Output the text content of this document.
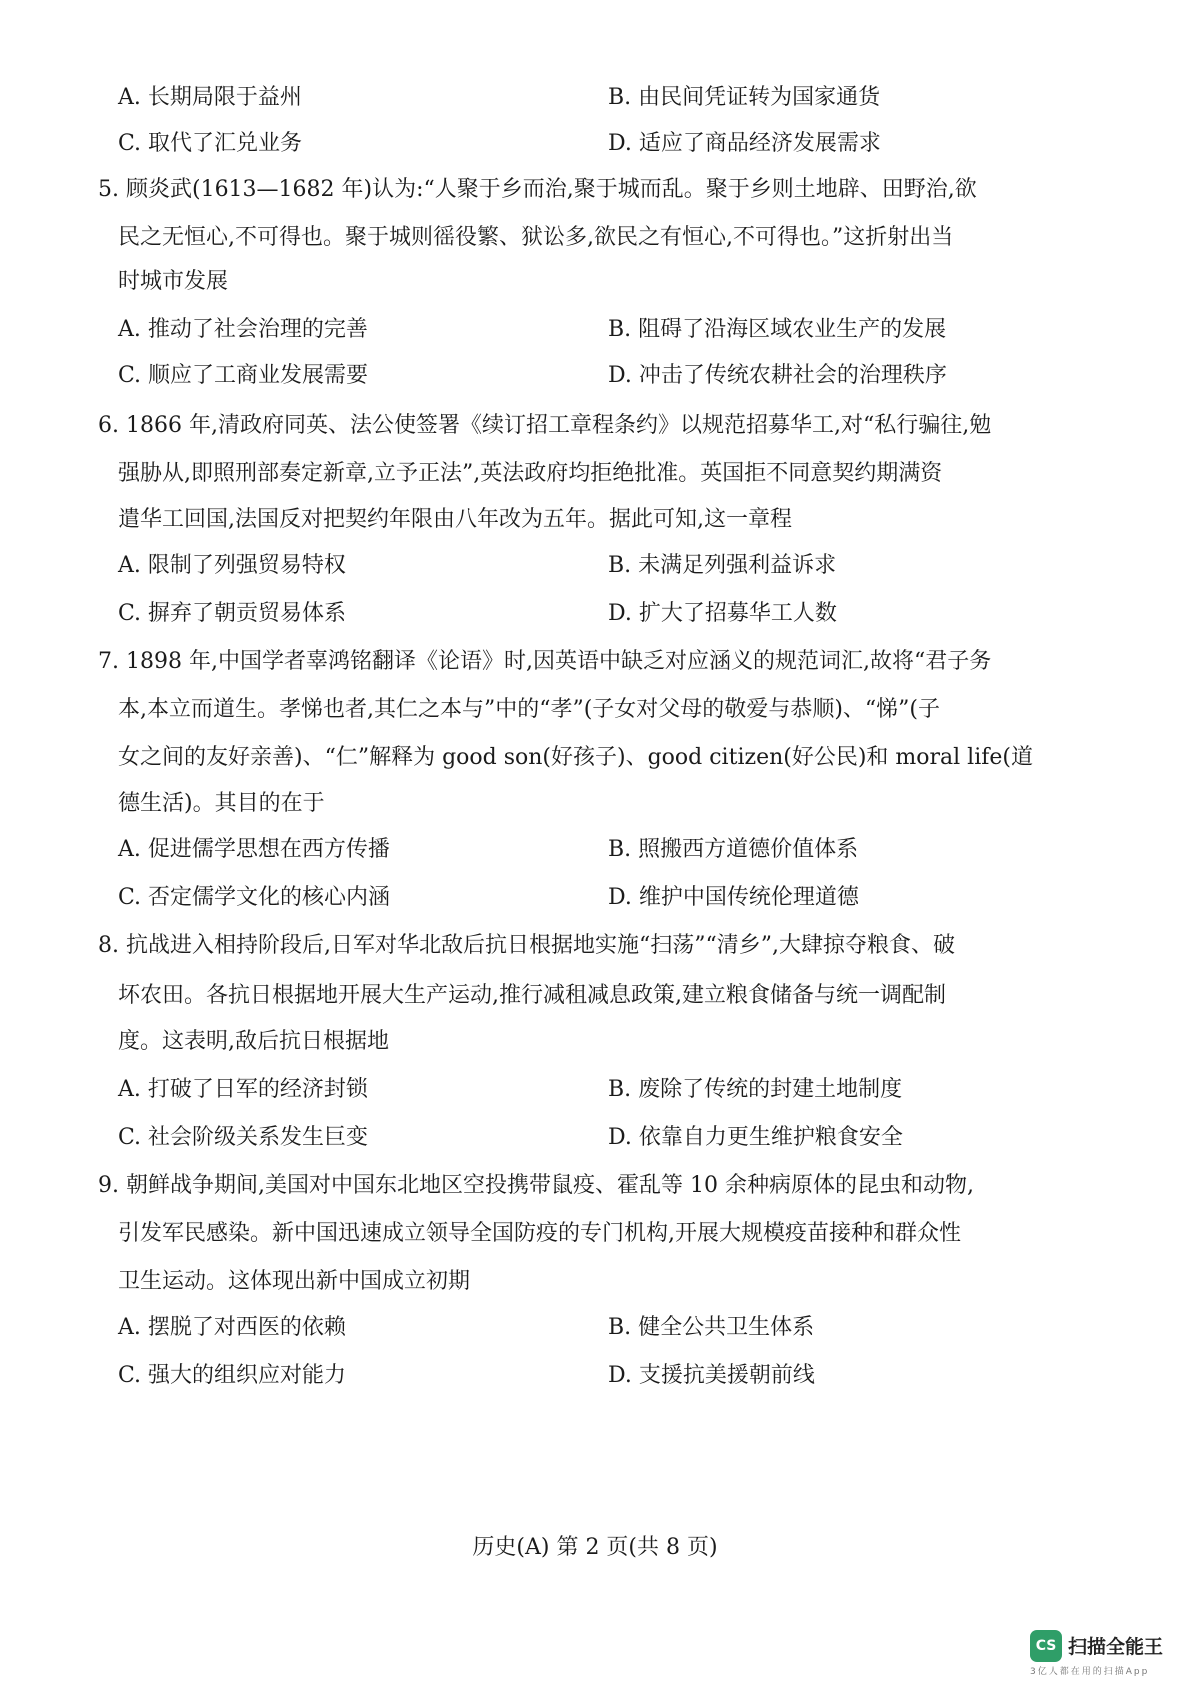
A. 长期局限于益州	B. 由民间凭证转为国家通货
C. 取代了汇兑业务	D. 适应了商品经济发展需求
5. 顾炎武(1613—1682 年)认为:“人聚于乡而治,聚于城而乱。聚于乡则土地辟、田野治,欲
民之无恒心,不可得也。聚于城则徭役繁、狱讼多,欲民之有恒心,不可得也。”这折射出当
时城市发展
A. 推动了社会治理的完善	B. 阻碍了沿海区域农业生产的发展
C. 顺应了工商业发展需要	D. 冲击了传统农耕社会的治理秩序
6. 1866 年,清政府同英、法公使签署《续订招工章程条约》以规范招募华工,对“私行骗往,勉
强胁从,即照刑部奏定新章,立予正法”,英法政府均拒绝批准。英国拒不同意契约期满资
遣华工回国,法国反对把契约年限由八年改为五年。据此可知,这一章程
A. 限制了列强贸易特权	B. 未满足列强利益诉求
C. 摒弃了朝贡贸易体系	D. 扩大了招募华工人数
7. 1898 年,中国学者辜鸿铭翻译《论语》时,因英语中缺乏对应涵义的规范词汇,故将“君子务
本,本立而道生。孝悌也者,其仁之本与”中的“孝”(子女对父母的敬爱与恭顺)、“悌”(子
女之间的友好亲善)、“仁”解释为 good son(好孩子)、good citizen(好公民)和 moral life(道
德生活)。其目的在于
A. 促进儒学思想在西方传播	B. 照搬西方道德价值体系
C. 否定儒学文化的核心内涵	D. 维护中国传统伦理道德
8. 抗战进入相持阶段后,日军对华北敌后抗日根据地实施“扫荡”“清乡”,大肆掠夺粮食、破
坏农田。各抗日根据地开展大生产运动,推行减租减息政策,建立粮食储备与统一调配制
度。这表明,敌后抗日根据地
A. 打破了日军的经济封锁	B. 废除了传统的封建土地制度
C. 社会阶级关系发生巨变	D. 依靠自力更生维护粮食安全
9. 朝鲜战争期间,美国对中国东北地区空投携带鼠疫、霍乱等 10 余种病原体的昆虫和动物,
引发军民感染。新中国迅速成立领导全国防疫的专门机构,开展大规模疫苗接种和群众性
卫生运动。这体现出新中国成立初期
A. 摆脱了对西医的依赖	B. 健全公共卫生体系
C. 强大的组织应对能力	D. 支援抗美援朝前线
历史(A) 第 2 页(共 8 页)
CS 扫描全能王
3亿人都在用的扫描App
